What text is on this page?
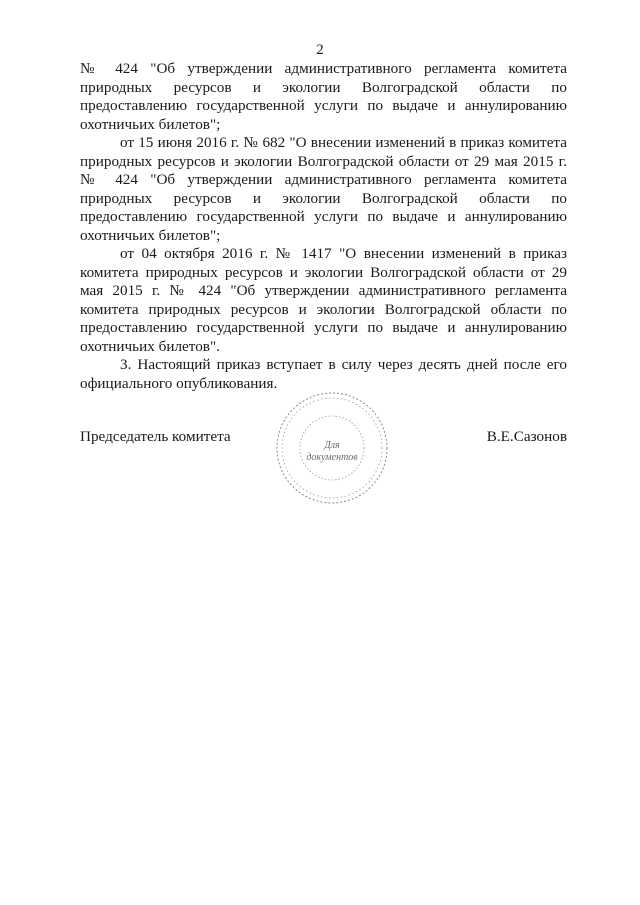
2

№ 424 "Об утверждении административного регламента комитета природных ресурсов и экологии Волгоградской области по предоставлению государственной услуги по выдаче и аннулированию охотничьих билетов";

от 15 июня 2016 г. № 682 "О внесении изменений в приказ комитета природных ресурсов и экологии Волгоградской области от 29 мая 2015 г. № 424 "Об утверждении административного регламента комитета природных ресурсов и экологии Волгоградской области по предоставлению государственной услуги по выдаче и аннулированию охотничьих билетов";

от 04 октября 2016 г. № 1417 "О внесении изменений в приказ комитета природных ресурсов и экологии Волгоградской области от 29 мая 2015 г. № 424 "Об утверждении административного регламента комитета природных ресурсов и экологии Волгоградской области по предоставлению государственной услуги по выдаче и аннулированию охотничьих билетов".

3. Настоящий приказ вступает в силу через десять дней после его официального опубликования.

Для
документов
Председатель комитета	В.Е.Сазонов
